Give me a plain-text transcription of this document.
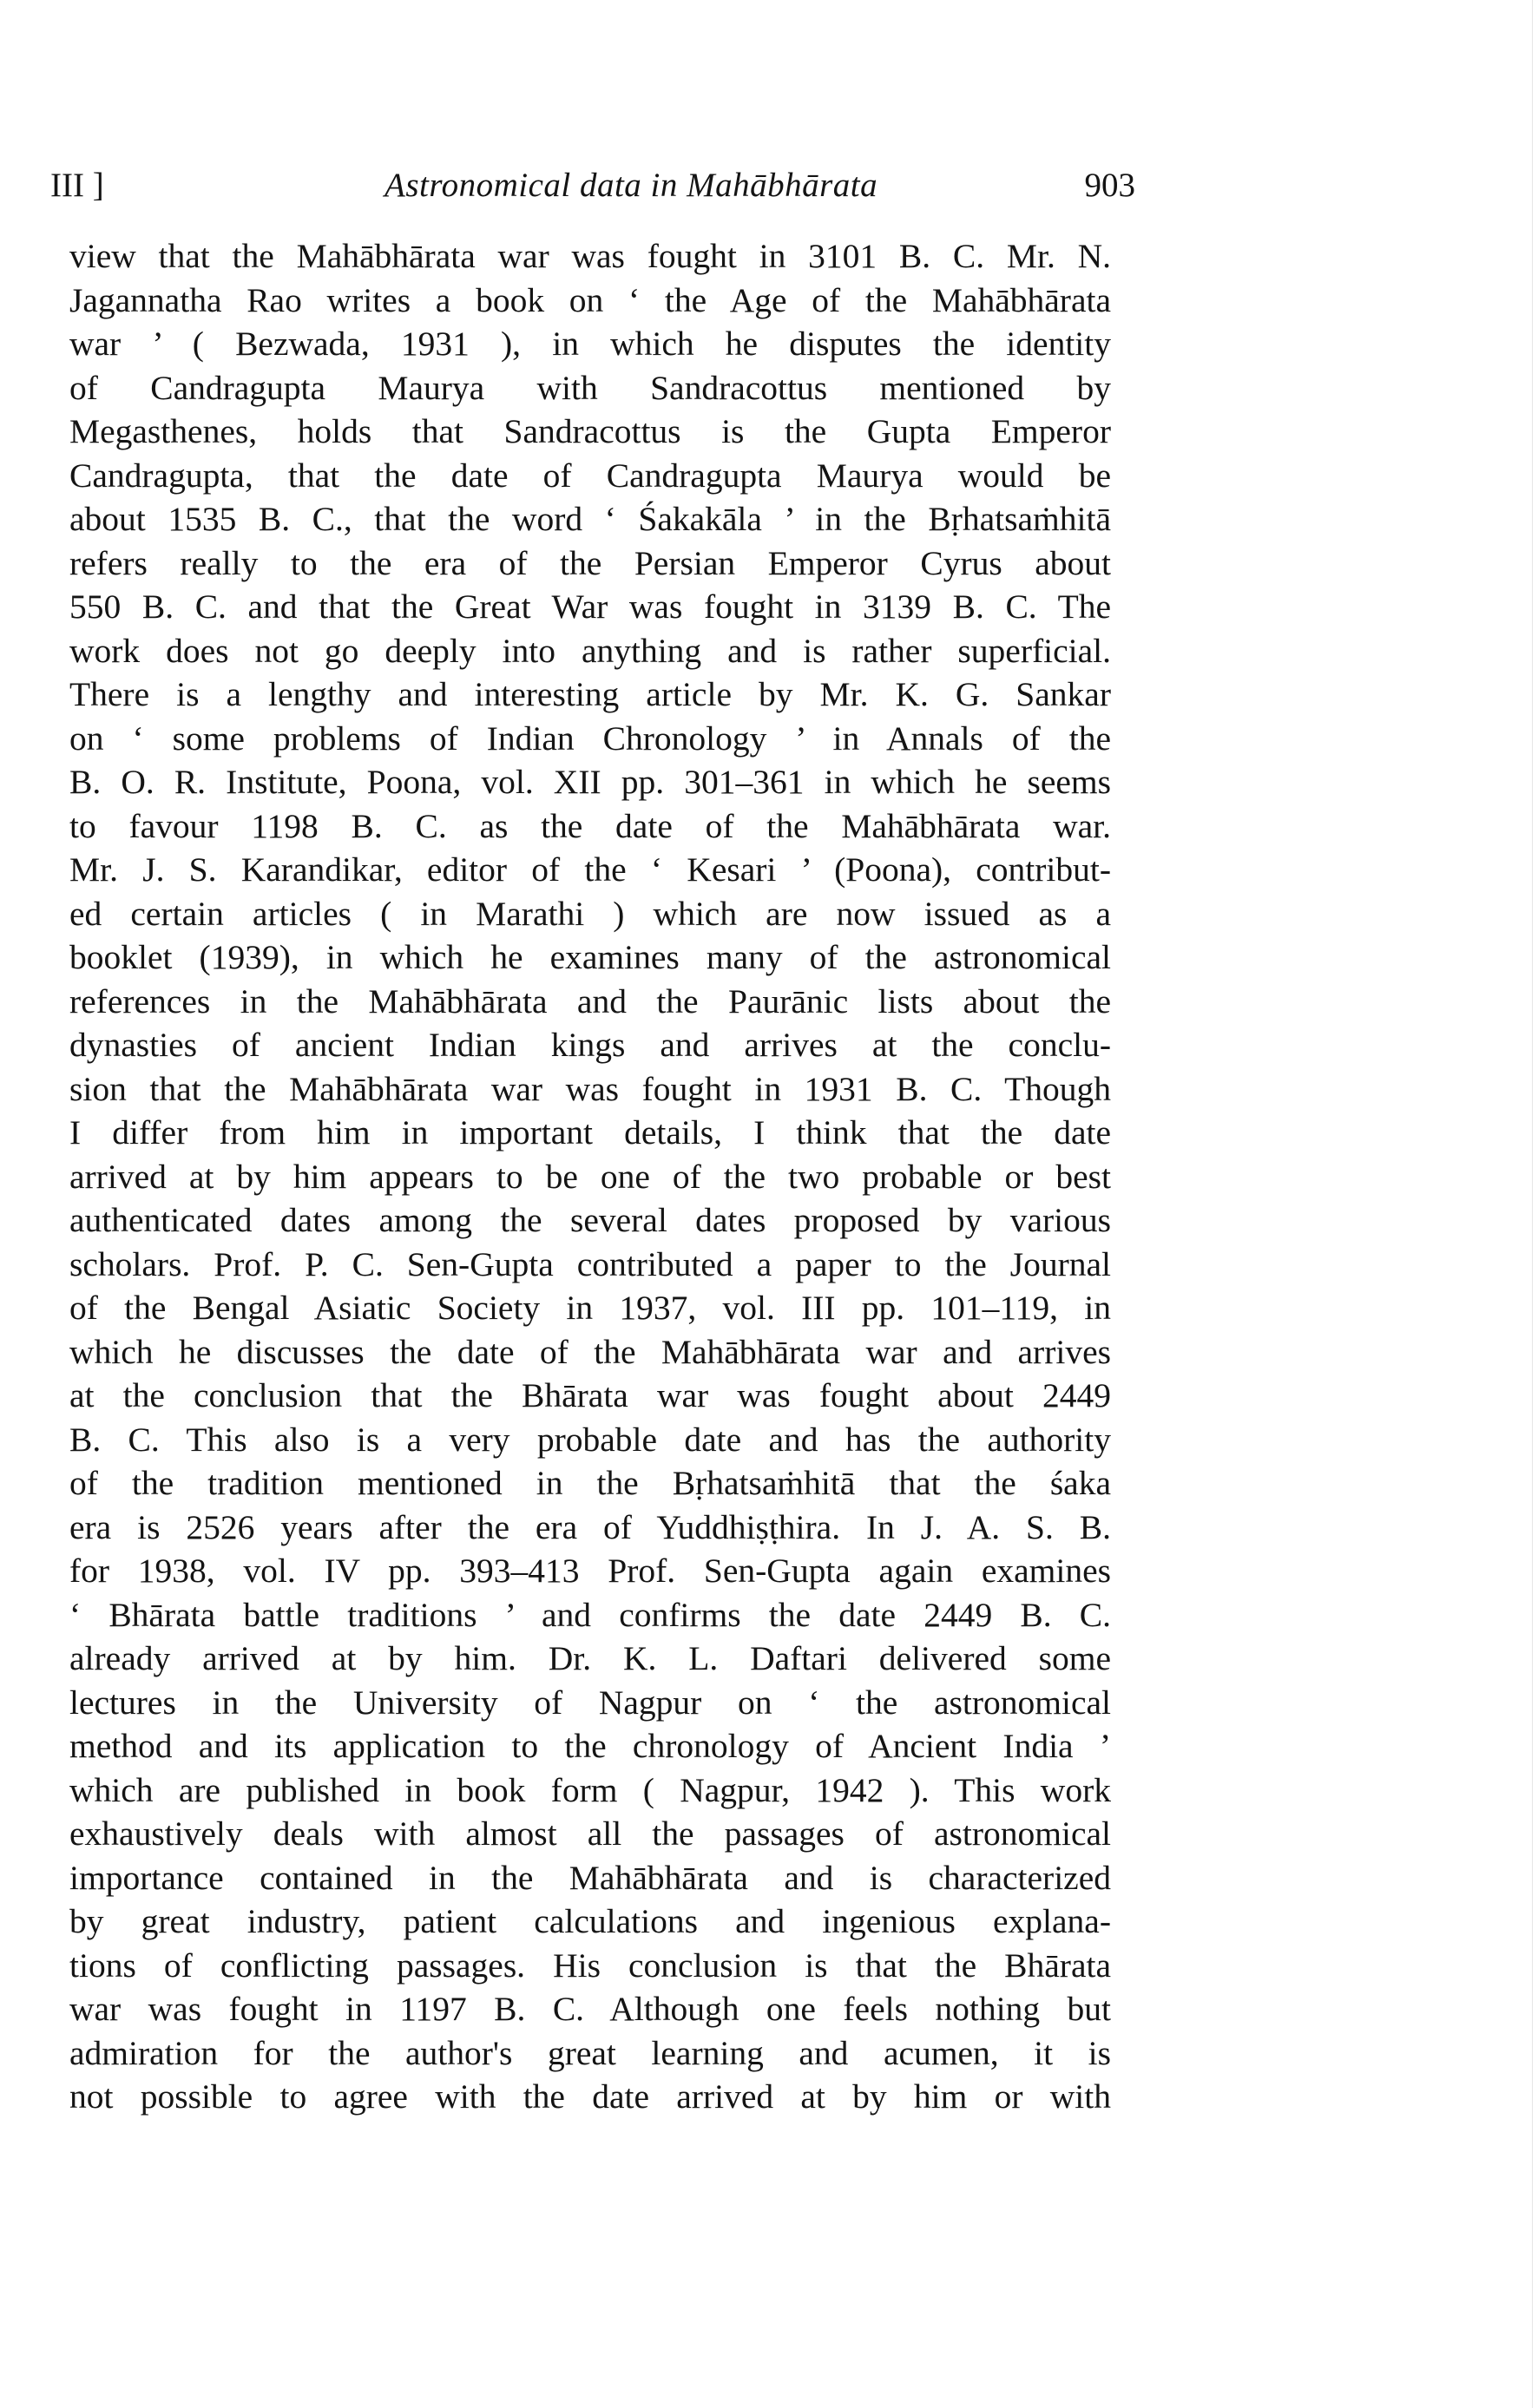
III ]	Astronomical data in Mahābhārata	903
view that the Mahābhārata war was fought in 3101 B. C. Mr. N.
Jagannatha Rao writes a book on ‘ the Age of the Mahābhārata
war ’ ( Bezwada, 1931 ), in which he disputes the identity
of Candragupta Maurya with Sandracottus mentioned by
Megasthenes, holds that Sandracottus is the Gupta Emperor
Candragupta, that the date of Candragupta Maurya would be
about 1535 B. C., that the word ‘ Śakakāla ’ in the Bṛhatsaṁhitā
refers really to the era of the Persian Emperor Cyrus about
550 B. C. and that the Great War was fought in 3139 B. C. The
work does not go deeply into anything and is rather superficial.
There is a lengthy and interesting article by Mr. K. G. Sankar
on ‘ some problems of Indian Chronology ’ in Annals of the
B. O. R. Institute, Poona, vol. XII pp. 301–361 in which he seems
to favour 1198 B. C. as the date of the Mahābhārata war.
Mr. J. S. Karandikar, editor of the ‘ Kesari ’ (Poona), contribut-
ed certain articles ( in Marathi ) which are now issued as a
booklet (1939), in which he examines many of the astronomical
references in the Mahābhārata and the Paurānic lists about the
dynasties of ancient Indian kings and arrives at the conclu-
sion that the Mahābhārata war was fought in 1931 B. C. Though
I differ from him in important details, I think that the date
arrived at by him appears to be one of the two probable or best
authenticated dates among the several dates proposed by various
scholars. Prof. P. C. Sen-Gupta contributed a paper to the Journal
of the Bengal Asiatic Society in 1937, vol. III pp. 101–119, in
which he discusses the date of the Mahābhārata war and arrives
at the conclusion that the Bhārata war was fought about 2449
B. C. This also is a very probable date and has the authority
of the tradition mentioned in the Bṛhatsaṁhitā that the śaka
era is 2526 years after the era of Yuddhiṣṭhira. In J. A. S. B.
for 1938, vol. IV pp. 393–413 Prof. Sen-Gupta again examines
‘ Bhārata battle traditions ’ and confirms the date 2449 B. C.
already arrived at by him. Dr. K. L. Daftari delivered some
lectures in the University of Nagpur on ‘ the astronomical
method and its application to the chronology of Ancient India ’
which are published in book form ( Nagpur, 1942 ). This work
exhaustively deals with almost all the passages of astronomical
importance contained in the Mahābhārata and is characterized
by great industry, patient calculations and ingenious explana-
tions of conflicting passages. His conclusion is that the Bhārata
war was fought in 1197 B. C. Although one feels nothing but
admiration for the author's great learning and acumen, it is
not possible to agree with the date arrived at by him or with
